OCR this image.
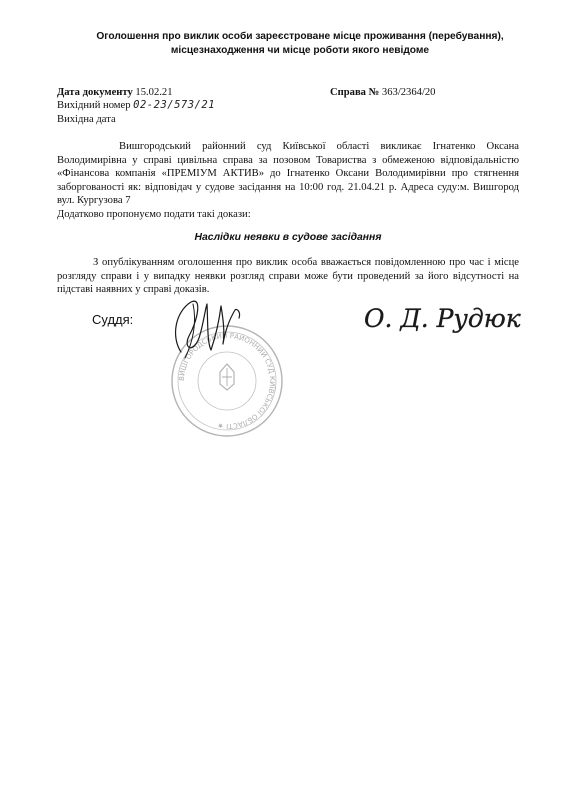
Оголошення про виклик особи зареєстроване місце проживання (перебування),
місцезнаходження чи місце роботи якого невідоме
Дата документу 15.02.21	Справа № 363/2364/20
Вихідний номер 02-23/573/21
Вихідна дата
Вишгородський районний суд Київської області викликає Ігнатенко Оксана Володимирівна у справі цивільна справа за позовом Товариства з обмеженою відповідальністю «Фінансова компанія «ПРЕМІУМ АКТИВ» до Ігнатенко Оксани Володимирівни про стягнення заборгованості як: відповідач у судове засідання на 10:00 год. 21.04.21 р. Адреса суду:м. Вишгород вул. Кургузова 7
Додатково пропонуємо подати такі докази:
Наслідки неявки в судове засідання
З опублікуванням оголошення про виклик особа вважається повідомленною про час і місце розгляду справи і у випадку неявки розгляд справи може бути проведений за його відсутності на підставі наявних у справі доказів.
Суддя:
ВИШГОРОДСЬКИЙ РАЙОННИЙ СУД КИЇВСЬКОЇ ОБЛАСТІ ★
О. Д. Рудюк
